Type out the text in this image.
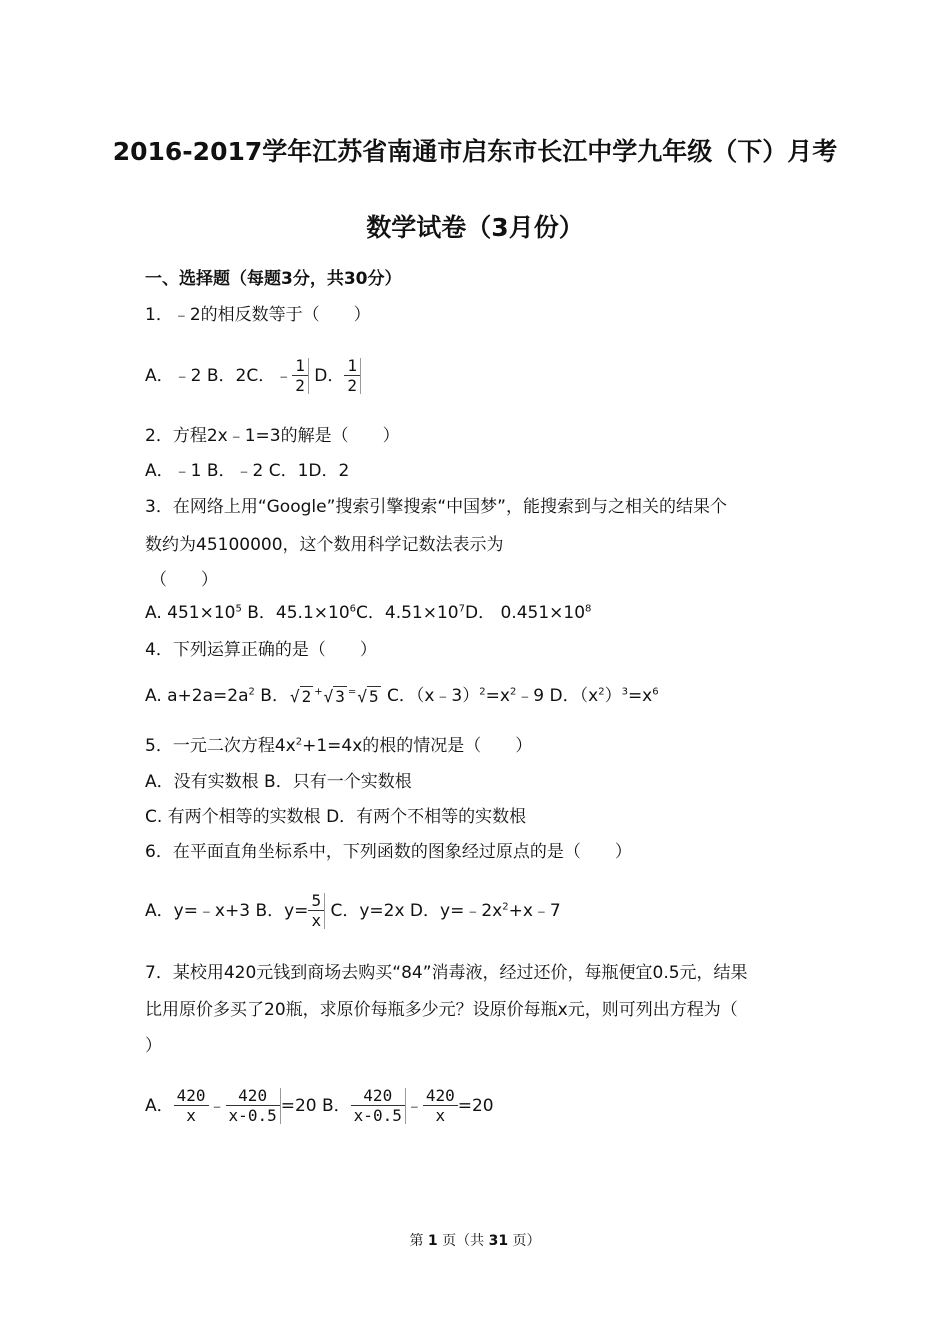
2016-2017学年江苏省南通市启东市长江中学九年级（下）月考
数学试卷（3月份）
一、选择题（每题3分，共30分）
1．﹣2的相反数等于（　　）
A．﹣2 B．2C．﹣ $\frac{1}{2}$ D． $\frac{1}{2}$
2．方程2x﹣1=3的解是（　　）
A．﹣1 B．﹣2 C．1D．2
3．在网络上用“Google”搜索引擎搜索“中国梦”，能搜索到与之相关的结果个
数约为45100000，这个数用科学记数法表示为
（　　）
A. $451\times 10^5$ B．$45.1\times 10^6C$．$4.51\times 10^7D$． $0.451\times 10^8$
4．下列运算正确的是（　　）
A. $a+2a=2a^2$ B．√ 2 +√ 3 =√ 5 C．$(x﹣3)^2=x^2﹣9$ D．$(x^2)^3=x^6$
5．一元二次方程$4x^2+1=4x$的根的情况是（　　）
A．没有实数根 B．只有一个实数根
C. 有两个相等的实数根 D．有两个不相等的实数根
6．在平面直角坐标系中，下列函数的图象经过原点的是（　　）
A．y=﹣x+3 B．$y= \frac{5}{x}$ C．y=2x D．$y=﹣2x^2+x﹣7$
7．某校用420元钱到商场去购买“84”消毒液，经过还价，每瓶便宜0.5元，结果
比用原价多买了20瓶，求原价每瓶多少元？设原价每瓶x元，则可列出方程为（
）
A． $\frac{420}{x}$ ﹣ $\frac{420}{x-0.5} =20$ B． $\frac{420}{x-0.5}$ ﹣ $\frac{420}{x} =20$
第 1 页（共 31 页）
